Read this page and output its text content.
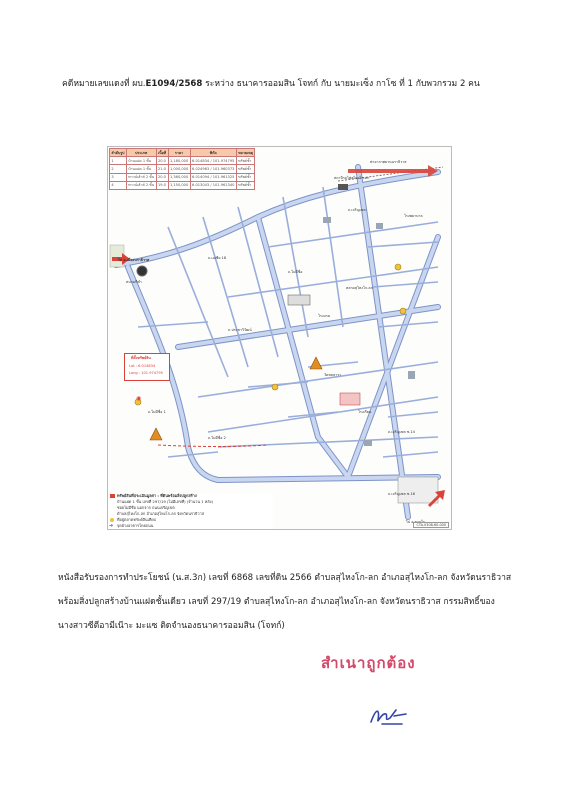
คดีหมายเลขแดงที่ ผบ.E1094/2568 ระหว่าง ธนาคารออมสิน โจทก์ กับ นายมะเซ็ง กาโซ ที่ 1 กับพวกรวม 2 คน
ลำดับรูป	ประเภท	เนื้อที่	ราคา	พิกัด	หมายเหตุ
1	บ้านแฝด 1 ชั้น	20.0	1,180,000	6.014834 / 101.974795	ทรัพย์ซ้ำ
2	บ้านแฝด 1 ชั้น	21.0	1,000,000	6.024963 / 101.960373	ทรัพย์ซ้ำ
3	ทาวน์เฮ้าส์ 2 ชั้น	20.0	1,360,000	6.014094 / 101.961325	ทรัพย์ซ้ำ
4	ทาวน์เฮ้าส์ 2 ชั้น	19.0	1,150,000	6.013043 / 101.961340	ทรัพย์ซ้ำ
สถานีรถไฟสุไหงโก-ลก
ท่าอากาศยานนราธิวาส
สนามกีฬา
โรงแรม
ตลาดสุไหงโก-ลก
วัดชลธารา
โรงเรียน
โรงพยาบาล
ไป อ.เมืองนราธิวาส
ไป อ.ตากใบ
ถ.เจริญเขต
ถ.เอเซีย 18
ถ.ประชาวิวัฒน์
ถ.ไม่มีชื่อ
ถ.เจริญเขต ซ.14
ถ.เจริญเขต ซ.16
ถ.ไม่มีชื่อ 1
ถ.ไม่มีชื่อ 2
ที่ตั้งทรัพย์สิน
Lat : 6.014834
Long : 101.974795
◉
ทรัพย์สินที่ประเมินมูลค่า : ที่ดินพร้อมสิ่งปลูกสร้าง
บ้านแฝด 1 ชั้น เลขที่ 297/19 (ไม่มีเลขที่) (จำนวน 1 หลัง)
ซอยไม่มีชื่อ นอกจาก ถนนเจริญเขต
ตำบลสุไหงโก-ลก อำเภอสุไหงโก-ลก จังหวัดนราธิวาส
ที่อยู่ตลาดทรัพย์สินเทียบ
➔ จุดอ้างอาคารโดยถนน	CTA-0308-60-000
หนังสือรับรองการทำประโยชน์ (น.ส.3ก) เลขที่ 6868 เลขที่ดิน 2566 ตำบลสุไหงโก-ลก อำเภอสุไหงโก-ลก จังหวัดนราธิวาส
พร้อมสิ่งปลูกสร้างบ้านแฝดชั้นเดียว เลขที่ 297/19 ตำบลสุไหงโก-ลก อำเภอสุไหงโก-ลก จังหวัดนราธิวาส กรรมสิทธิ์ของ
นางสาวซีตีอามีเน๊าะ มะแซ ติดจำนองธนาคารออมสิน (โจทก์)
สำเนาถูกต้อง
